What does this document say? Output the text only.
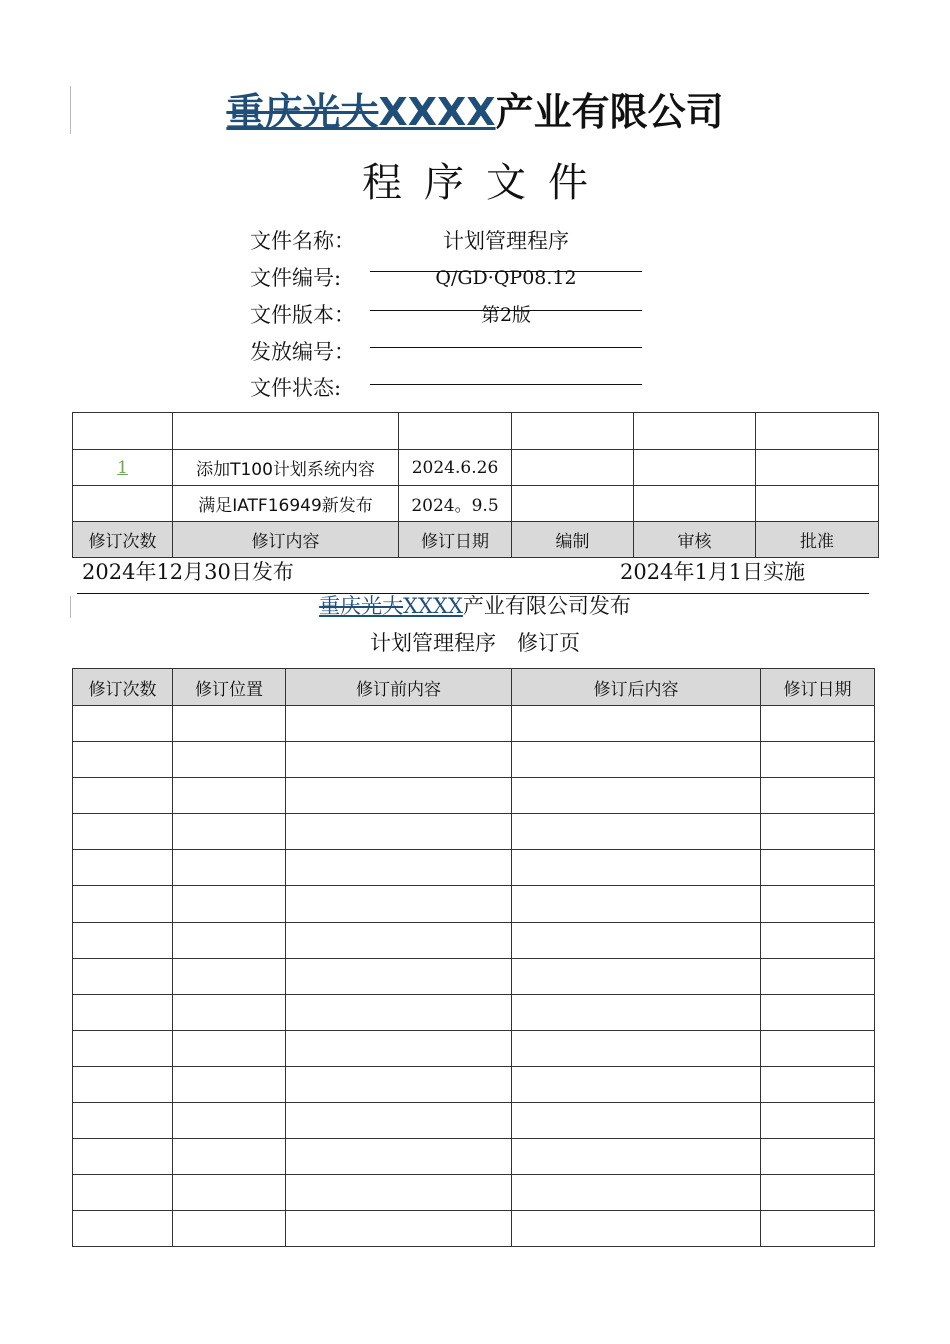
重庆光大XXXX产业有限公司
程序文件
文件名称：	计划管理程序
文件编号:	Q/GD·QP08.12
文件版本：	第2版
发放编号：
文件状态:

1	添加T100计划系统内容	2024.6.26			
	满足IATF16949新发布	2024。9.5			
修订次数	修订内容	修订日期	编制	审核	批准
2024年12月30日发布	2024年1月1日实施
重庆光大XXXX产业有限公司发布
计划管理程序　修订页
修订次数	修订位置	修订前内容	修订后内容	修订日期
